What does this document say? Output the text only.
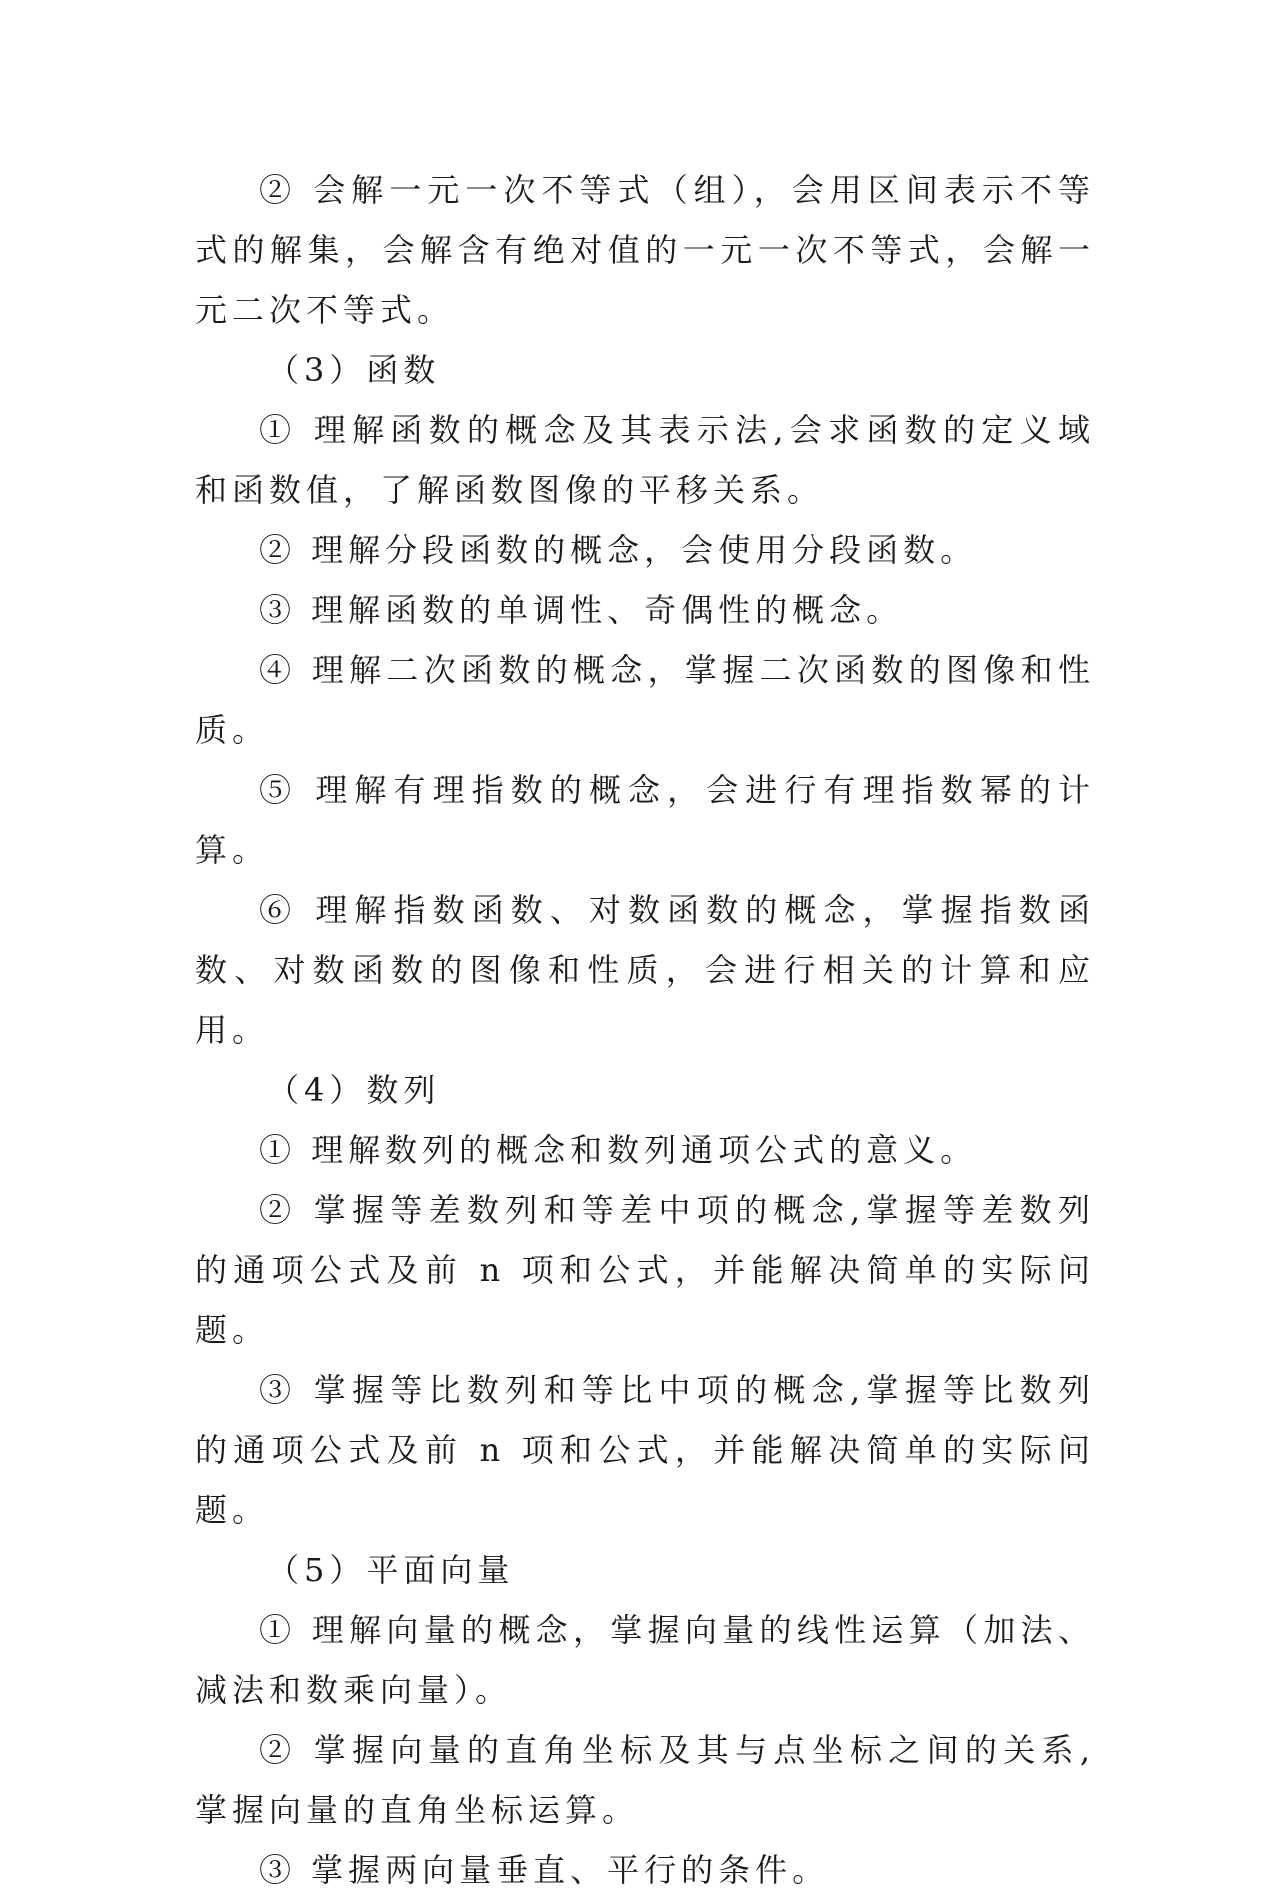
② 会解一元一次不等式（组），会用区间表示不等式的解集，会解含有绝对值的一元一次不等式，会解一元二次不等式。

（3）函数

① 理解函数的概念及其表示法,会求函数的定义域和函数值，了解函数图像的平移关系。

② 理解分段函数的概念，会使用分段函数。

③ 理解函数的单调性、奇偶性的概念。

④ 理解二次函数的概念，掌握二次函数的图像和性质。

⑤ 理解有理指数的概念，会进行有理指数幂的计算。

⑥ 理解指数函数、对数函数的概念，掌握指数函数、对数函数的图像和性质，会进行相关的计算和应用。

（4）数列

① 理解数列的概念和数列通项公式的意义。

② 掌握等差数列和等差中项的概念,掌握等差数列的通项公式及前 n 项和公式，并能解决简单的实际问题。

③ 掌握等比数列和等比中项的概念,掌握等比数列的通项公式及前 n 项和公式，并能解决简单的实际问题。

（5）平面向量

① 理解向量的概念，掌握向量的线性运算（加法、减法和数乘向量）。

② 掌握向量的直角坐标及其与点坐标之间的关系,掌握向量的直角坐标运算。

③ 掌握两向量垂直、平行的条件。
